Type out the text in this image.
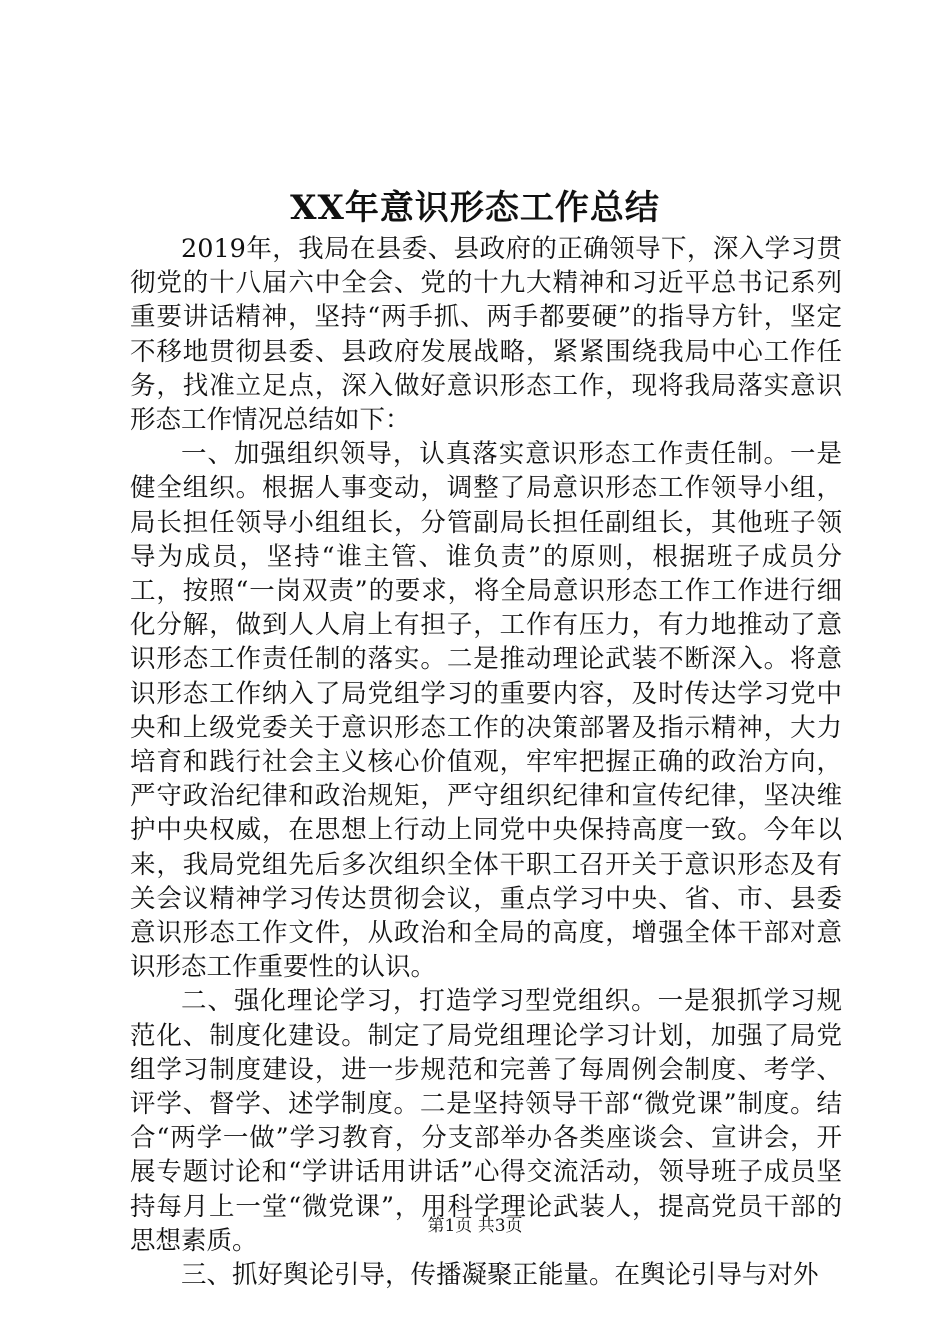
XX年意识形态工作总结

2019年，我局在县委、县政府的正确领导下，深入学习贯彻党的十八届六中全会、党的十九大精神和习近平总书记系列重要讲话精神，坚持“两手抓、两手都要硬”的指导方针，坚定不移地贯彻县委、县政府发展战略，紧紧围绕我局中心工作任务，找准立足点，深入做好意识形态工作，现将我局落实意识形态工作情况总结如下：

一、加强组织领导，认真落实意识形态工作责任制。一是健全组织。根据人事变动，调整了局意识形态工作领导小组，局长担任领导小组组长，分管副局长担任副组长，其他班子领导为成员，坚持“谁主管、谁负责”的原则，根据班子成员分工，按照“一岗双责”的要求，将全局意识形态工作工作进行细化分解，做到人人肩上有担子，工作有压力，有力地推动了意识形态工作责任制的落实。二是推动理论武装不断深入。将意识形态工作纳入了局党组学习的重要内容，及时传达学习党中央和上级党委关于意识形态工作的决策部署及指示精神，大力培育和践行社会主义核心价值观，牢牢把握正确的政治方向，严守政治纪律和政治规矩，严守组织纪律和宣传纪律，坚决维护中央权威，在思想上行动上同党中央保持高度一致。今年以来，我局党组先后多次组织全体干职工召开关于意识形态及有关会议精神学习传达贯彻会议，重点学习中央、省、市、县委意识形态工作文件，从政治和全局的高度，增强全体干部对意识形态工作重要性的认识。

二、强化理论学习，打造学习型党组织。一是狠抓学习规范化、制度化建设。制定了局党组理论学习计划，加强了局党组学习制度建设，进一步规范和完善了每周例会制度、考学、评学、督学、述学制度。二是坚持领导干部“微党课”制度。结合“两学一做”学习教育，分支部举办各类座谈会、宣讲会，开展专题讨论和“学讲话用讲话”心得交流活动，领导班子成员坚持每月上一堂“微党课”，用科学理论武装人，提高党员干部的思想素质。

三、抓好舆论引导，传播凝聚正能量。在舆论引导与对外

第1页 共3页
